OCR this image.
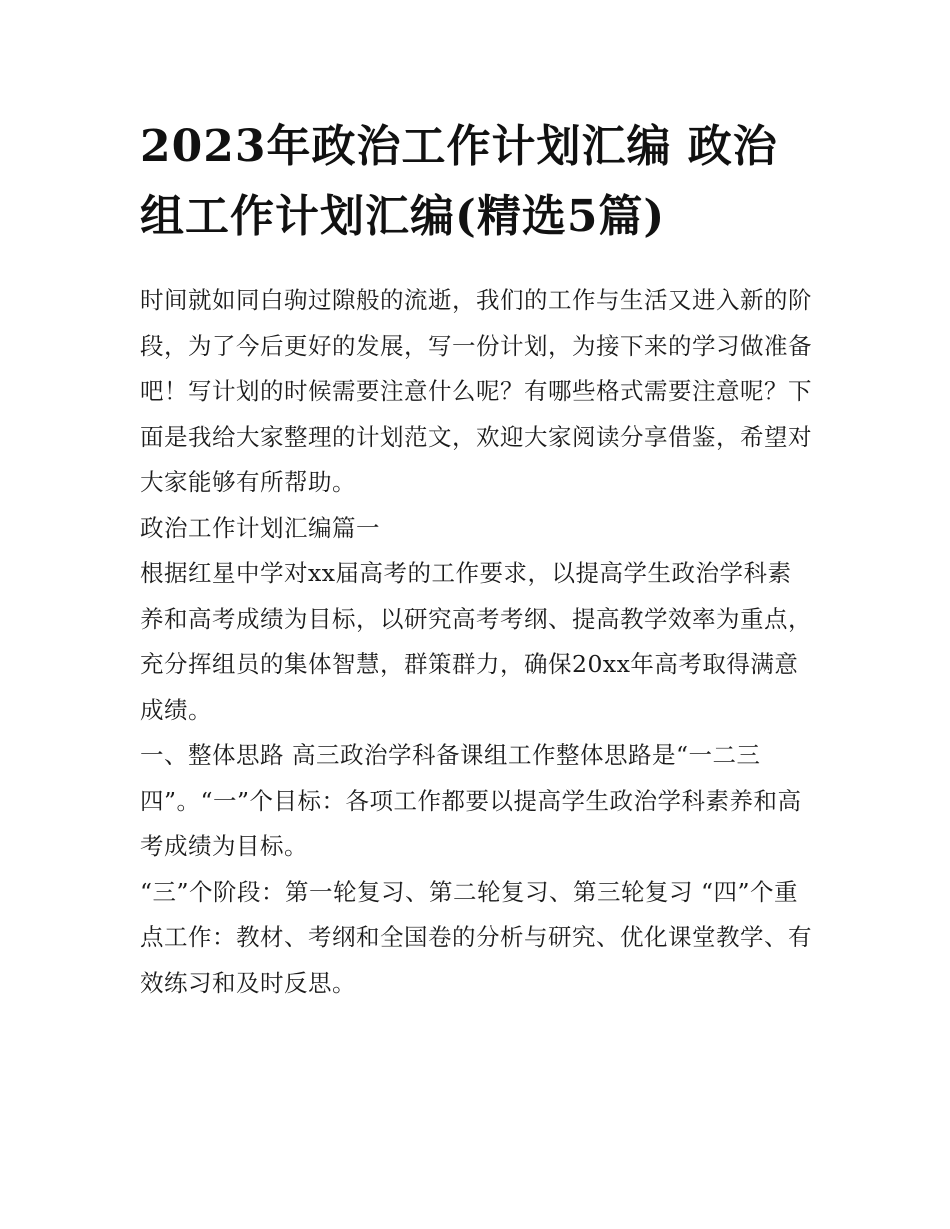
2023年政治工作计划汇编 政治组工作计划汇编(精选5篇)

时间就如同白驹过隙般的流逝，我们的工作与生活又进入新的阶段，为了今后更好的发展，写一份计划，为接下来的学习做准备吧！写计划的时候需要注意什么呢？有哪些格式需要注意呢？下面是我给大家整理的计划范文，欢迎大家阅读分享借鉴，希望对大家能够有所帮助。

政治工作计划汇编篇一

根据红星中学对xx届高考的工作要求，以提高学生政治学科素养和高考成绩为目标，以研究高考考纲、提高教学效率为重点，充分挥组员的集体智慧，群策群力，确保20xx年高考取得满意成绩。

一、整体思路 高三政治学科备课组工作整体思路是“一二三四”。“一”个目标：各项工作都要以提高学生政治学科素养和高考成绩为目标。

“三”个阶段：第一轮复习、第二轮复习、第三轮复习 “四”个重点工作：教材、考纲和全国卷的分析与研究、优化课堂教学、有效练习和及时反思。
